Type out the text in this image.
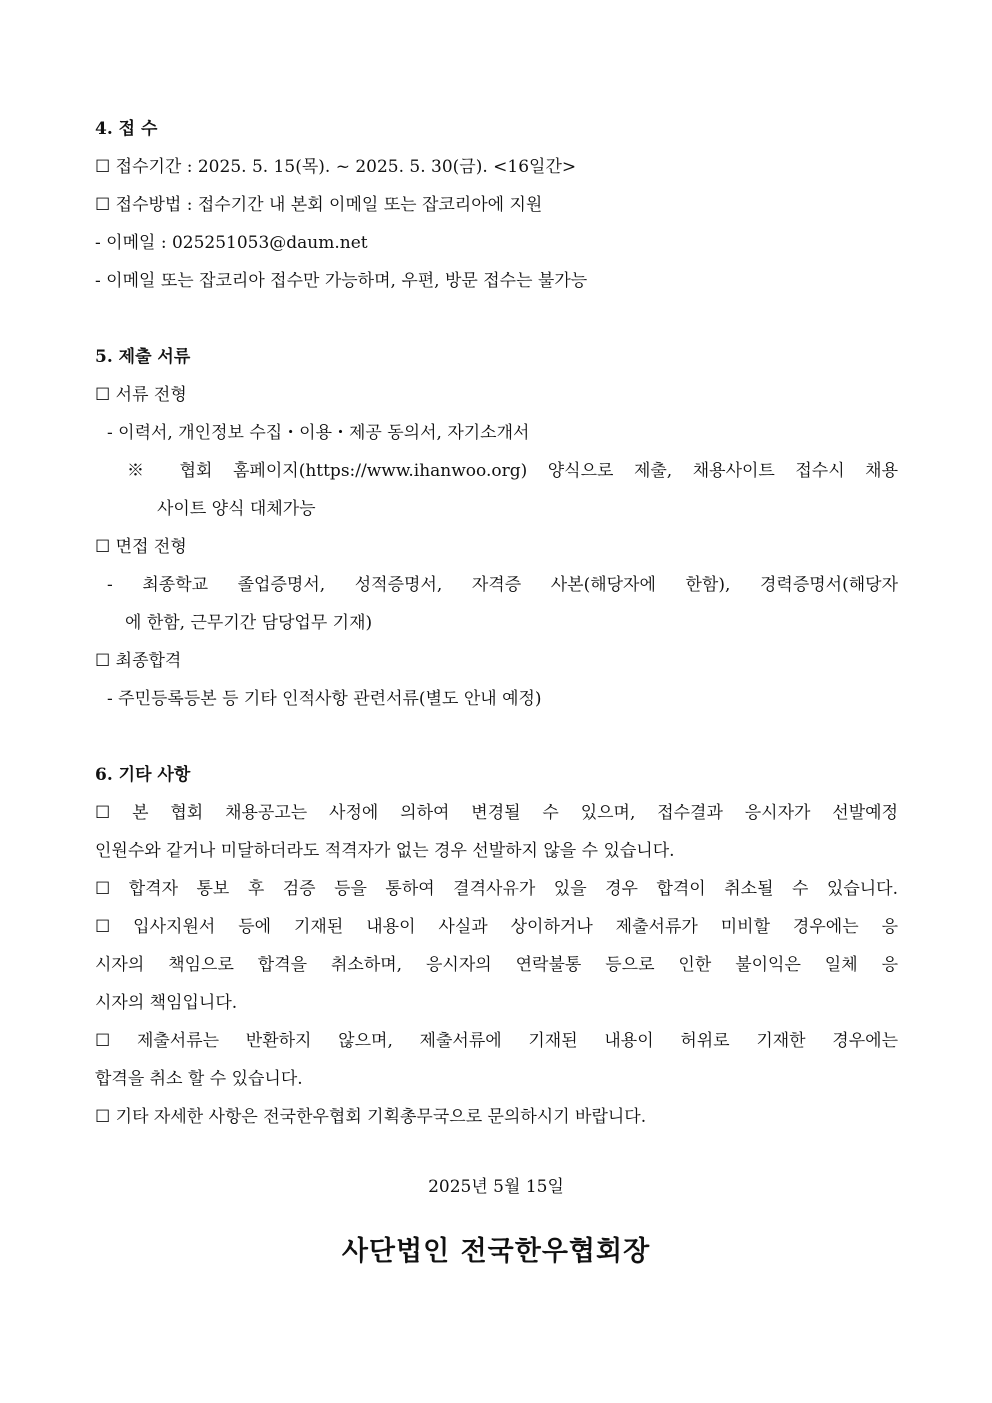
4. 접 수
☐ 접수기간 : 2025. 5. 15(목). ~ 2025. 5. 30(금). <16일간>
☐ 접수방법 : 접수기간 내 본회 이메일 또는 잡코리아에 지원
- 이메일 : 025251053@daum.net
- 이메일 또는 잡코리아 접수만 가능하며, 우편, 방문 접수는 불가능
5. 제출 서류
☐ 서류 전형
- 이력서, 개인정보 수집・이용・제공 동의서, 자기소개서
※ 협회 홈페이지(https://www.ihanwoo.org) 양식으로 제출, 채용사이트 접수시 채용
사이트 양식 대체가능
☐ 면접 전형
- 최종학교 졸업증명서, 성적증명서, 자격증 사본(해당자에 한함), 경력증명서(해당자
에 한함, 근무기간 담당업무 기재)
☐ 최종합격
- 주민등록등본 등 기타 인적사항 관련서류(별도 안내 예정)
6. 기타 사항
☐ 본 협회 채용공고는 사정에 의하여 변경될 수 있으며, 접수결과 응시자가 선발예정
인원수와 같거나 미달하더라도 적격자가 없는 경우 선발하지 않을 수 있습니다.
☐ 합격자 통보 후 검증 등을 통하여 결격사유가 있을 경우 합격이 취소될 수 있습니다.
☐ 입사지원서 등에 기재된 내용이 사실과 상이하거나 제출서류가 미비할 경우에는 응
시자의 책임으로 합격을 취소하며, 응시자의 연락불통 등으로 인한 불이익은 일체 응
시자의 책임입니다.
☐ 제출서류는 반환하지 않으며, 제출서류에 기재된 내용이 허위로 기재한 경우에는
합격을 취소 할 수 있습니다.
☐ 기타 자세한 사항은 전국한우협회 기획총무국으로 문의하시기 바랍니다.
2025년 5월 15일
사단법인 전국한우협회장
